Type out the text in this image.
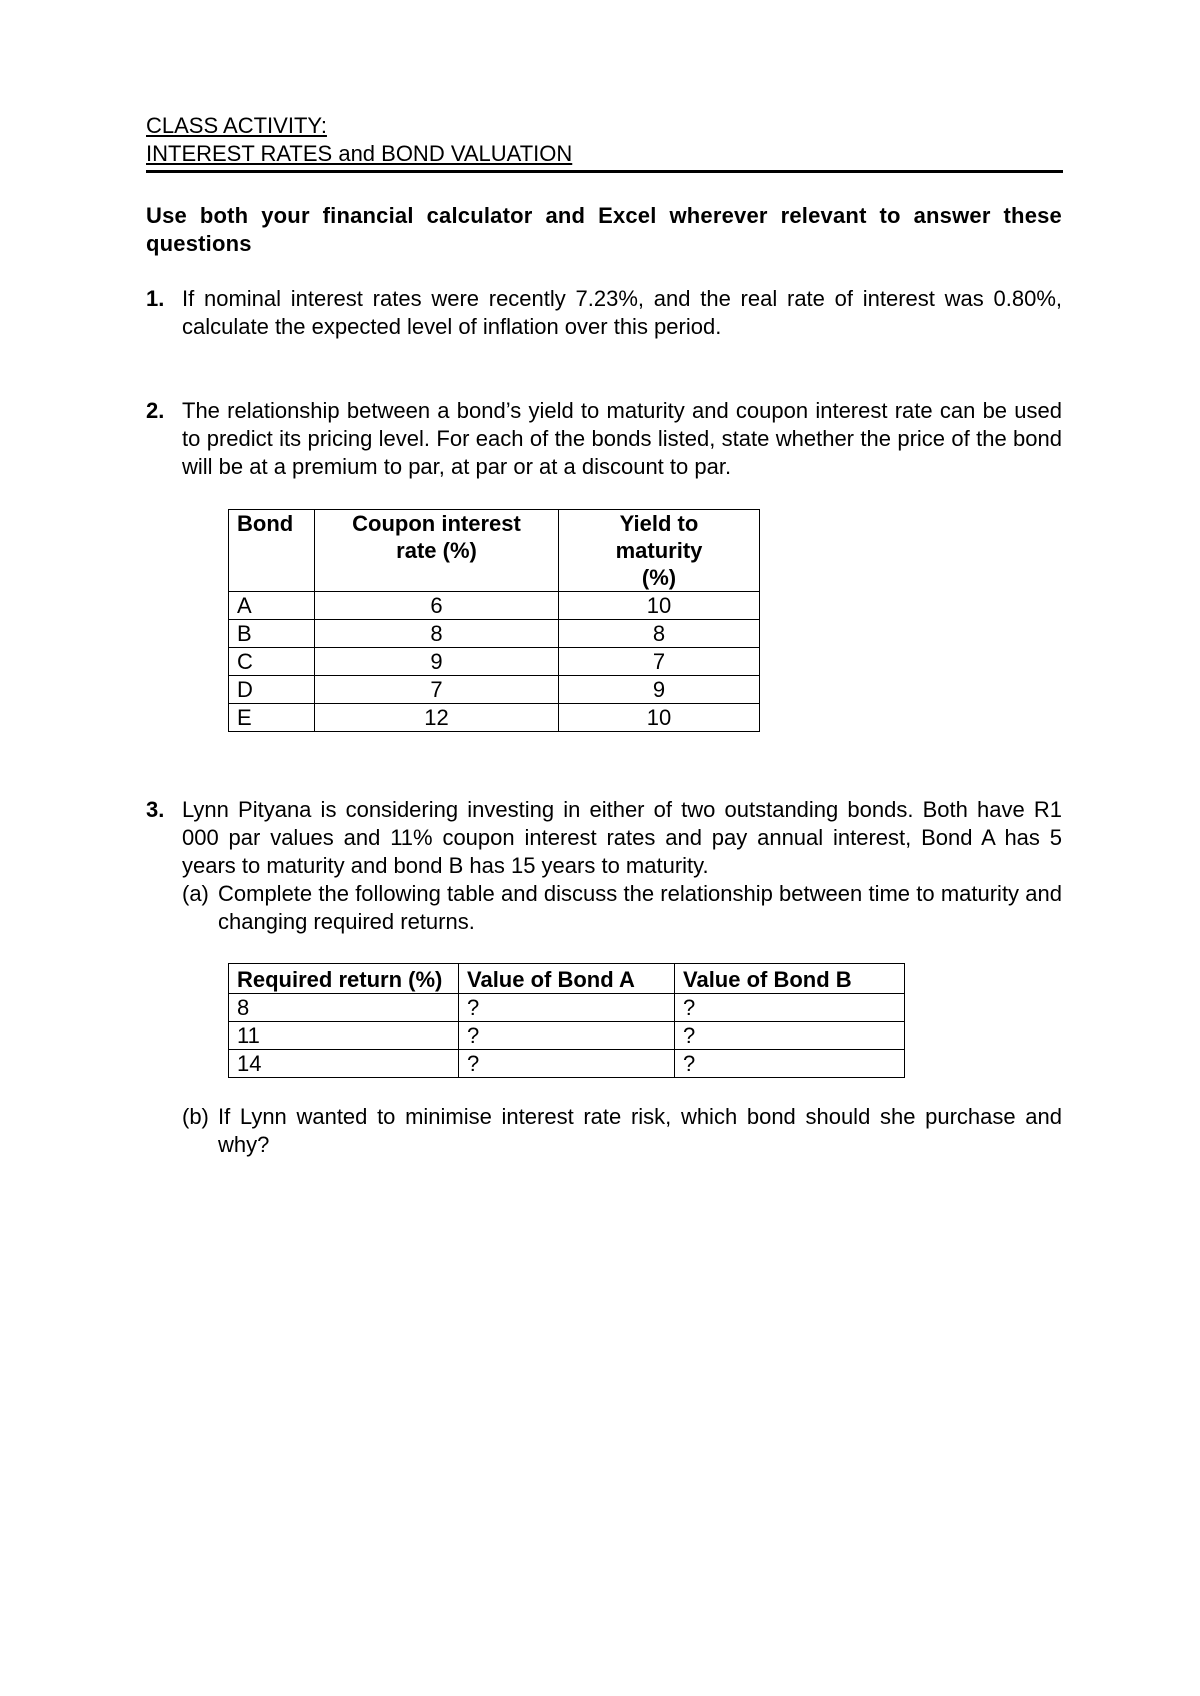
CLASS ACTIVITY:
INTEREST RATES and BOND VALUATION
Use both your financial calculator and Excel wherever relevant to answer these questions
1. If nominal interest rates were recently 7.23%, and the real rate of interest was 0.80%, calculate the expected level of inflation over this period.
2. The relationship between a bond’s yield to maturity and coupon interest rate can be used to predict its pricing level. For each of the bonds listed, state whether the price of the bond will be at a premium to par, at par or at a discount to par.
Bond	Coupon interest rate (%)	Yield to maturity (%)
A	6	10
B	8	8
C	9	7
D	7	9
E	12	10
3. Lynn Pityana is considering investing in either of two outstanding bonds. Both have R1 000 par values and 11% coupon interest rates and pay annual interest, Bond A has 5 years to maturity and bond B has 15 years to maturity.
(a) Complete the following table and discuss the relationship between time to maturity and changing required returns.
Required return (%)	Value of Bond A	Value of Bond B
8	?	?
11	?	?
14	?	?
(b) If Lynn wanted to minimise interest rate risk, which bond should she purchase and why?
